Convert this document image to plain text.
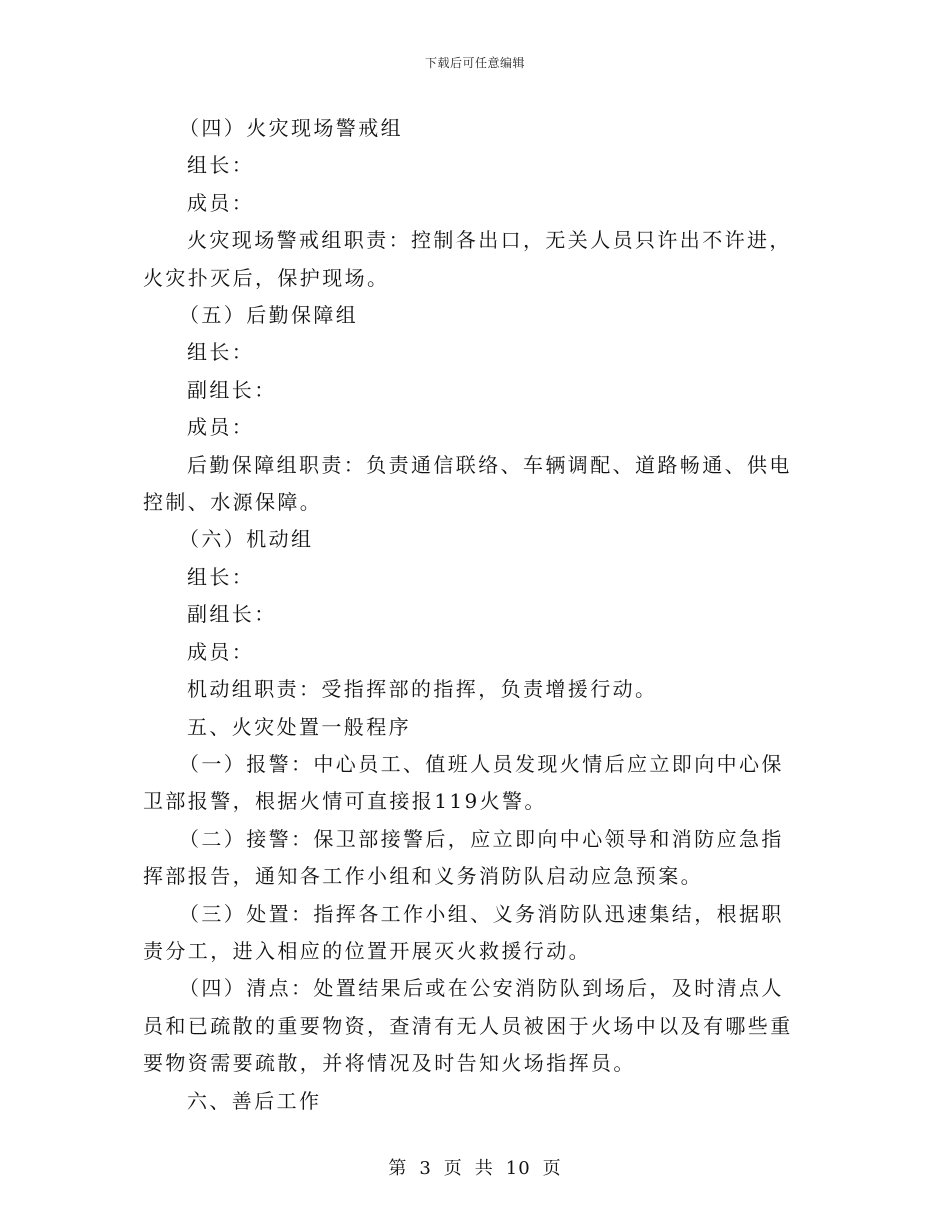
下载后可任意编辑

（四）火灾现场警戒组

组长：

成员：

火灾现场警戒组职责：控制各出口，无关人员只许出不许进，火灾扑灭后，保护现场。

（五）后勤保障组

组长：

副组长：

成员：

后勤保障组职责：负责通信联络、车辆调配、道路畅通、供电控制、水源保障。

（六）机动组

组长：

副组长：

成员：

机动组职责：受指挥部的指挥，负责增援行动。

五、火灾处置一般程序

（一）报警：中心员工、值班人员发现火情后应立即向中心保卫部报警，根据火情可直接报119火警。

（二）接警：保卫部接警后，应立即向中心领导和消防应急指挥部报告，通知各工作小组和义务消防队启动应急预案。

（三）处置：指挥各工作小组、义务消防队迅速集结，根据职责分工，进入相应的位置开展灭火救援行动。

（四）清点：处置结果后或在公安消防队到场后，及时清点人员和已疏散的重要物资，查清有无人员被困于火场中以及有哪些重要物资需要疏散，并将情况及时告知火场指挥员。

六、善后工作

第 3 页 共 10 页
